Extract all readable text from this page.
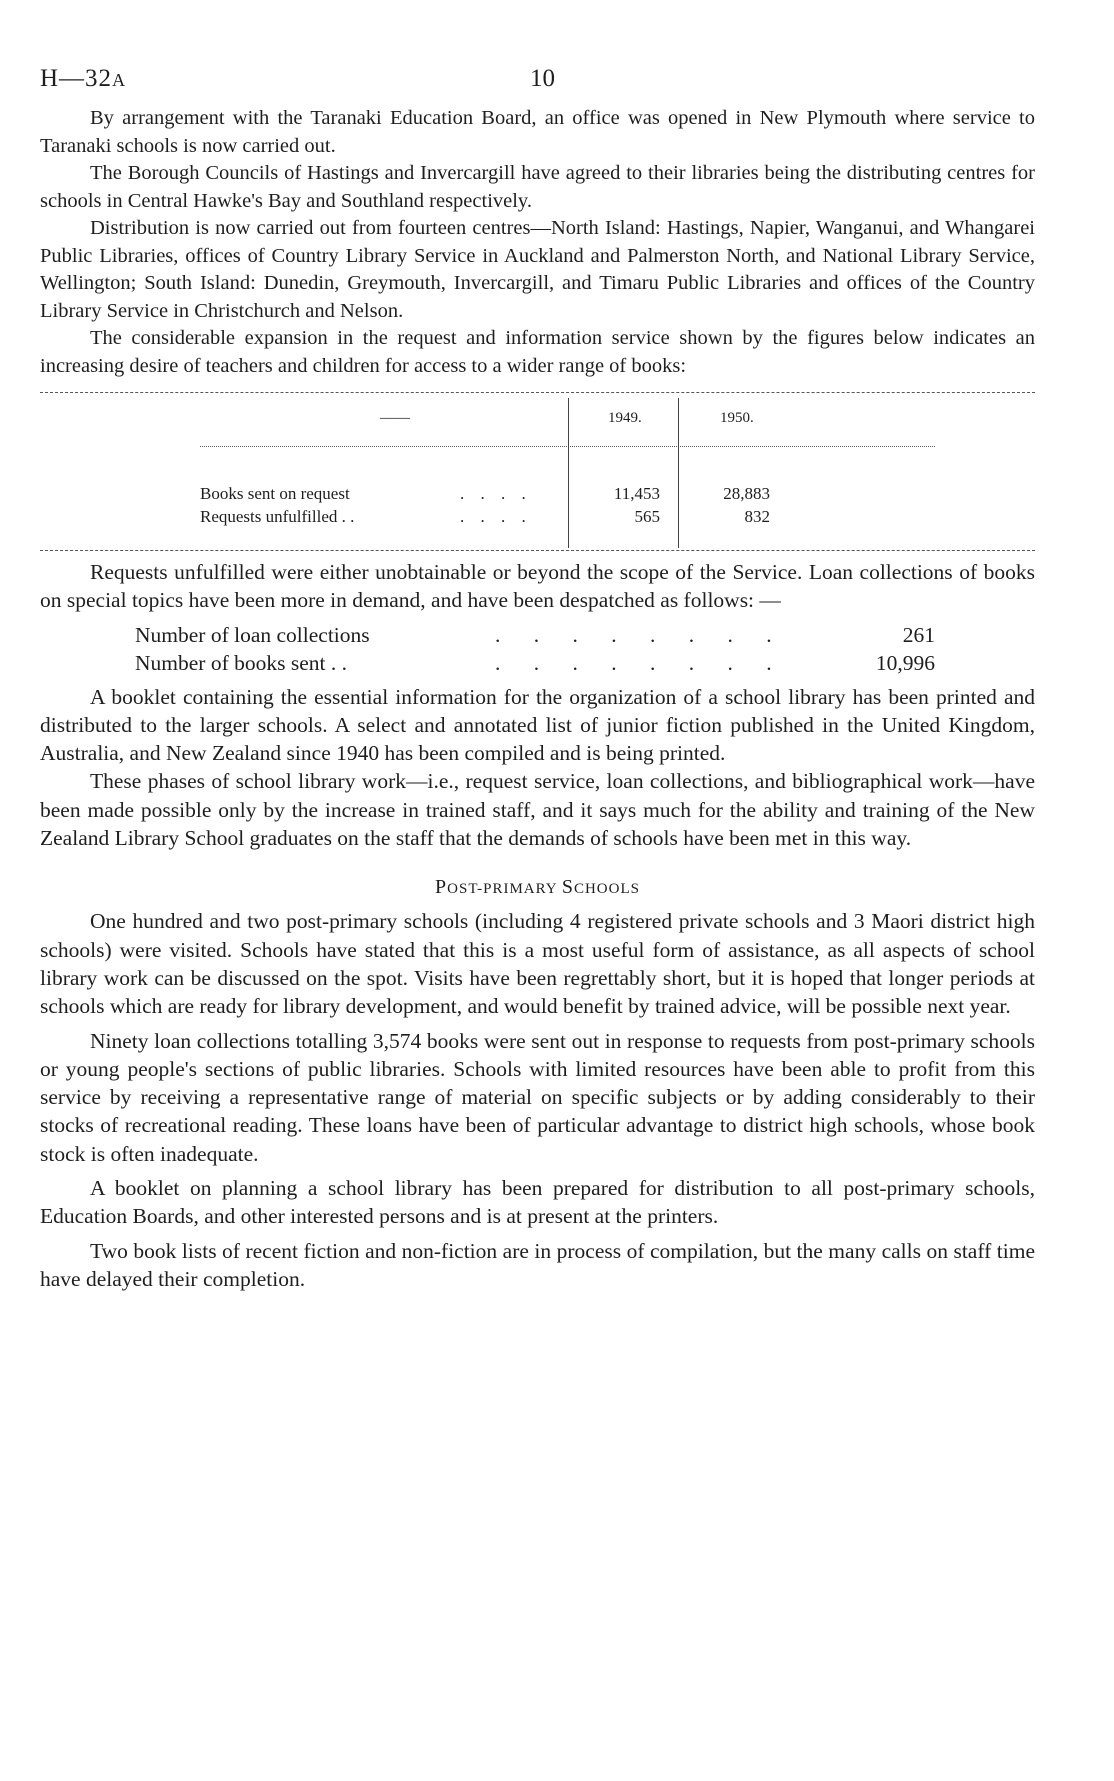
H—32A	10

By arrangement with the Taranaki Education Board, an office was opened in New Plymouth where service to Taranaki schools is now carried out.

The Borough Councils of Hastings and Invercargill have agreed to their libraries being the distributing centres for schools in Central Hawke's Bay and Southland respectively.

Distribution is now carried out from fourteen centres—North Island: Hastings, Napier, Wanganui, and Whangarei Public Libraries, offices of Country Library Service in Auckland and Palmerston North, and National Library Service, Wellington; South Island: Dunedin, Greymouth, Invercargill, and Timaru Public Libraries and offices of the Country Library Service in Christchurch and Nelson.

The considerable expansion in the request and information service shown by the figures below indicates an increasing desire of teachers and children for access to a wider range of books:

——	1949.	1950.
Books sent on request	. . . .	11,453	28,883
Requests unfulfilled . .	. . . .	565	832

Requests unfulfilled were either unobtainable or beyond the scope of the Service. Loan collections of books on special topics have been more in demand, and have been despatched as follows: —

Number of loan collections	. . . . . . . .	261
Number of books sent . .	. . . . . . . .	10,996

A booklet containing the essential information for the organization of a school library has been printed and distributed to the larger schools. A select and annotated list of junior fiction published in the United Kingdom, Australia, and New Zealand since 1940 has been compiled and is being printed.

These phases of school library work—i.e., request service, loan collections, and bibliographical work—have been made possible only by the increase in trained staff, and it says much for the ability and training of the New Zealand Library School graduates on the staff that the demands of schools have been met in this way.

POST-PRIMARY SCHOOLS

One hundred and two post-primary schools (including 4 registered private schools and 3 Maori district high schools) were visited. Schools have stated that this is a most useful form of assistance, as all aspects of school library work can be discussed on the spot. Visits have been regrettably short, but it is hoped that longer periods at schools which are ready for library development, and would benefit by trained advice, will be possible next year.

Ninety loan collections totalling 3,574 books were sent out in response to requests from post-primary schools or young people's sections of public libraries. Schools with limited resources have been able to profit from this service by receiving a representative range of material on specific subjects or by adding considerably to their stocks of recreational reading. These loans have been of particular advantage to district high schools, whose book stock is often inadequate.

A booklet on planning a school library has been prepared for distribution to all post-primary schools, Education Boards, and other interested persons and is at present at the printers.

Two book lists of recent fiction and non-fiction are in process of compilation, but the many calls on staff time have delayed their completion.
